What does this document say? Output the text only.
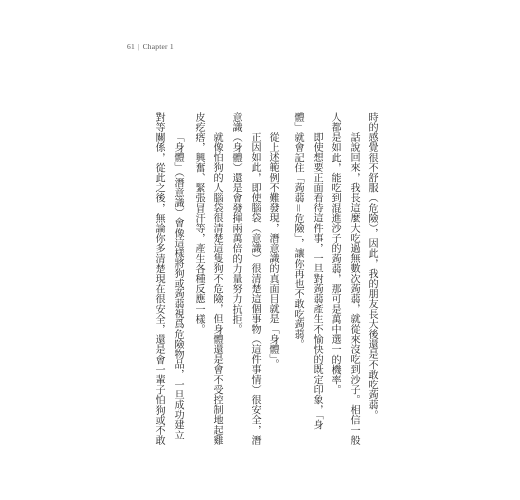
61 | Chapter 1
時的感覺很不舒服（危險），因此，我的朋友長大後還是不敢吃蒟蒻。
話說回來，我長這麼大吃過無數次蒟蒻，就從來沒吃到沙子。相信一般
人都是如此，能吃到混進沙子的蒟蒻，那可是萬中選一的機率。
即使想要正面看待這件事，一旦對蒟蒻產生不愉快的既定印象，「身
體」就會記住「蒟蒻＝危險」，讓你再也不敢吃蒟蒻。
從上述範例不難發現，潛意識的真面目就是「身體」。
正因如此，即使腦袋（意識）很清楚這個事物（這件事情）很安全，潛
意識（身體）還是會發揮兩萬倍的力量努力抗拒。
就像怕狗的人腦袋很清楚這隻狗不危險，但身體還是會不受控制地起雞
皮疙瘩，興奮、緊張冒汗等，產生各種反應一樣。
「身體」（潛意識）會像這樣將狗或蒟蒻視爲危險物品，一旦成功建立
對等關係，從此之後，無論你多清楚現在很安全，還是會一輩子怕狗或不敢
